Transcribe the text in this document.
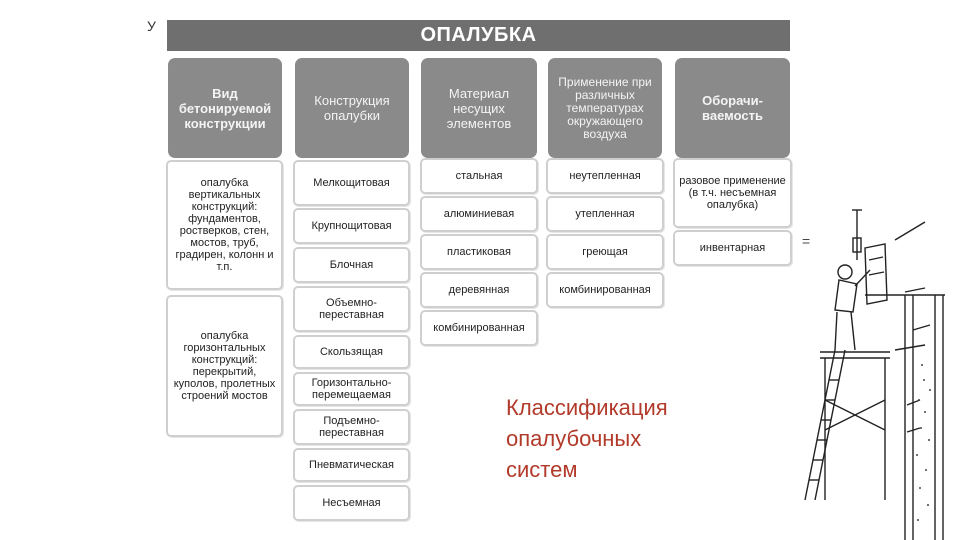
У	ОПАЛУБКА
Вид бетонируемой конструкции
Конструкция опалубки
Материал несущих элементов
Применение при различных температурах окружающего воздуха
Оборачи-ваемость
опалубка вертикальных конструкций: фундаментов, ростверков, стен, мостов, труб, градирен, колонн и т.п.
опалубка горизонтальных конструкций: перекрытий, куполов, пролетных строений мостов
Мелкощитовая
Крупнощитовая
Блочная
Объемно-переставная
Скользящая
Горизонтально-перемещаемая
Подъемно-переставная
Пневматическая
Несъемная
стальная
алюминиевая
пластиковая
деревянная
комбинированная
неутепленная
утепленная
греющая
комбинированная
разовое применение (в т.ч. несъемная опалубка)
инвентарная	=
Классификация
опалубочных
систем
